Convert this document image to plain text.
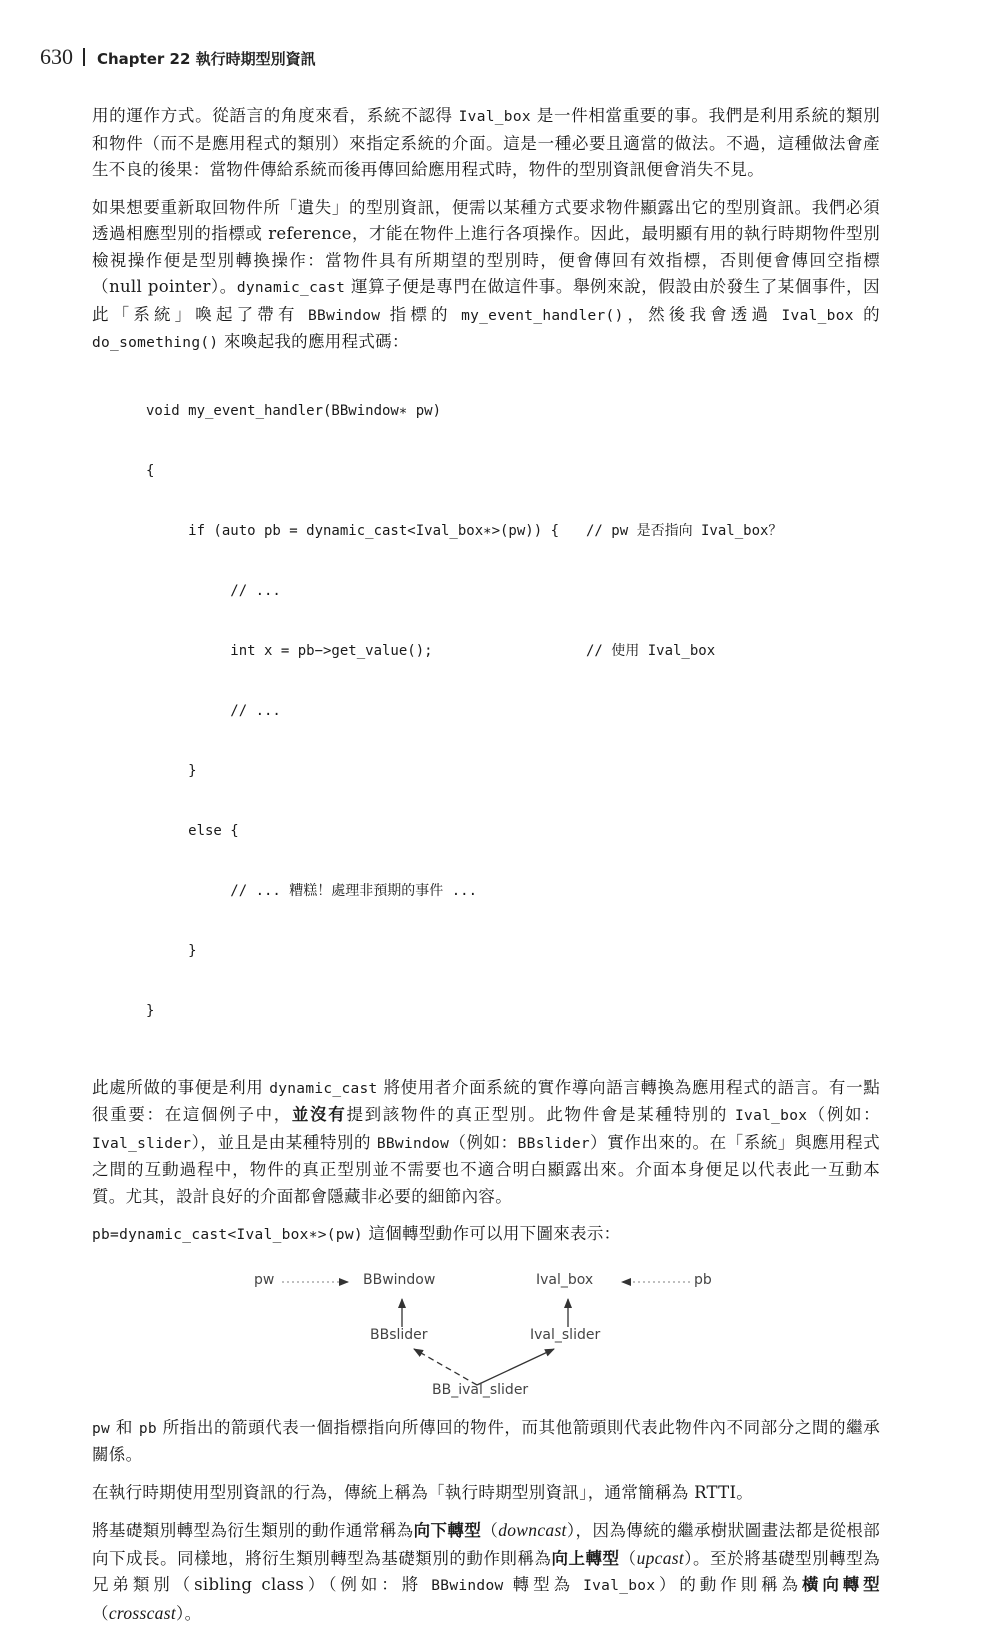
630 Chapter 22 執行時期型別資訊

用的運作方式。從語言的角度來看，系統不認得 Ival_box 是一件相當重要的事。我們是利用系統的類別和物件（而不是應用程式的類別）來指定系統的介面。這是一種必要且適當的做法。不過，這種做法會產生不良的後果：當物件傳給系統而後再傳回給應用程式時，物件的型別資訊便會消失不見。

如果想要重新取回物件所「遺失」的型別資訊，便需以某種方式要求物件顯露出它的型別資訊。我們必須透過相應型別的指標或 reference，才能在物件上進行各項操作。因此，最明顯有用的執行時期物件型別檢視操作便是型別轉換操作：當物件具有所期望的型別時，便會傳回有效指標，否則便會傳回空指標（null pointer）。dynamic_cast 運算子便是專門在做這件事。舉例來說，假設由於發生了某個事件，因此「系統」喚起了帶有 BBwindow 指標的 my_event_handler()，然後我會透過 Ival_box 的 do_something() 來喚起我的應用程式碼：

void my_event_handler(BBwindow∗ pw)

{

if (auto pb = dynamic_cast<Ival_box∗>(pw)) {	// pw 是否指向 Ival_box？

// ...

int x = pb−>get_value();	// 使用 Ival_box

// ...

}

else {

// ... 糟糕！處理非預期的事件 ...

}

}

此處所做的事便是利用 dynamic_cast 將使用者介面系統的實作導向語言轉換為應用程式的語言。有一點很重要：在這個例子中，並沒有提到該物件的真正型別。此物件會是某種特別的 Ival_box（例如：Ival_slider），並且是由某種特別的 BBwindow（例如：BBslider）實作出來的。在「系統」與應用程式之間的互動過程中，物件的真正型別並不需要也不適合明白顯露出來。介面本身便足以代表此一互動本質。尤其，設計良好的介面都會隱藏非必要的細節內容。

pb=dynamic_cast<Ival_box∗>(pw) 這個轉型動作可以用下圖來表示：

pw	BBwindow	Ival_box	pb
BBslider	Ival_slider
BB_ival_slider

pw 和 pb 所指出的箭頭代表一個指標指向所傳回的物件，而其他箭頭則代表此物件內不同部分之間的繼承關係。

在執行時期使用型別資訊的行為，傳統上稱為「執行時期型別資訊」，通常簡稱為 RTTI。

將基礎類別轉型為衍生類別的動作通常稱為向下轉型（downcast），因為傳統的繼承樹狀圖畫法都是從根部向下成長。同樣地，將衍生類別轉型為基礎類別的動作則稱為向上轉型（upcast）。至於將基礎型別轉型為兄弟類別（sibling class）（例如：將 BBwindow 轉型為 Ival_box）的動作則稱為橫向轉型（crosscast）。
